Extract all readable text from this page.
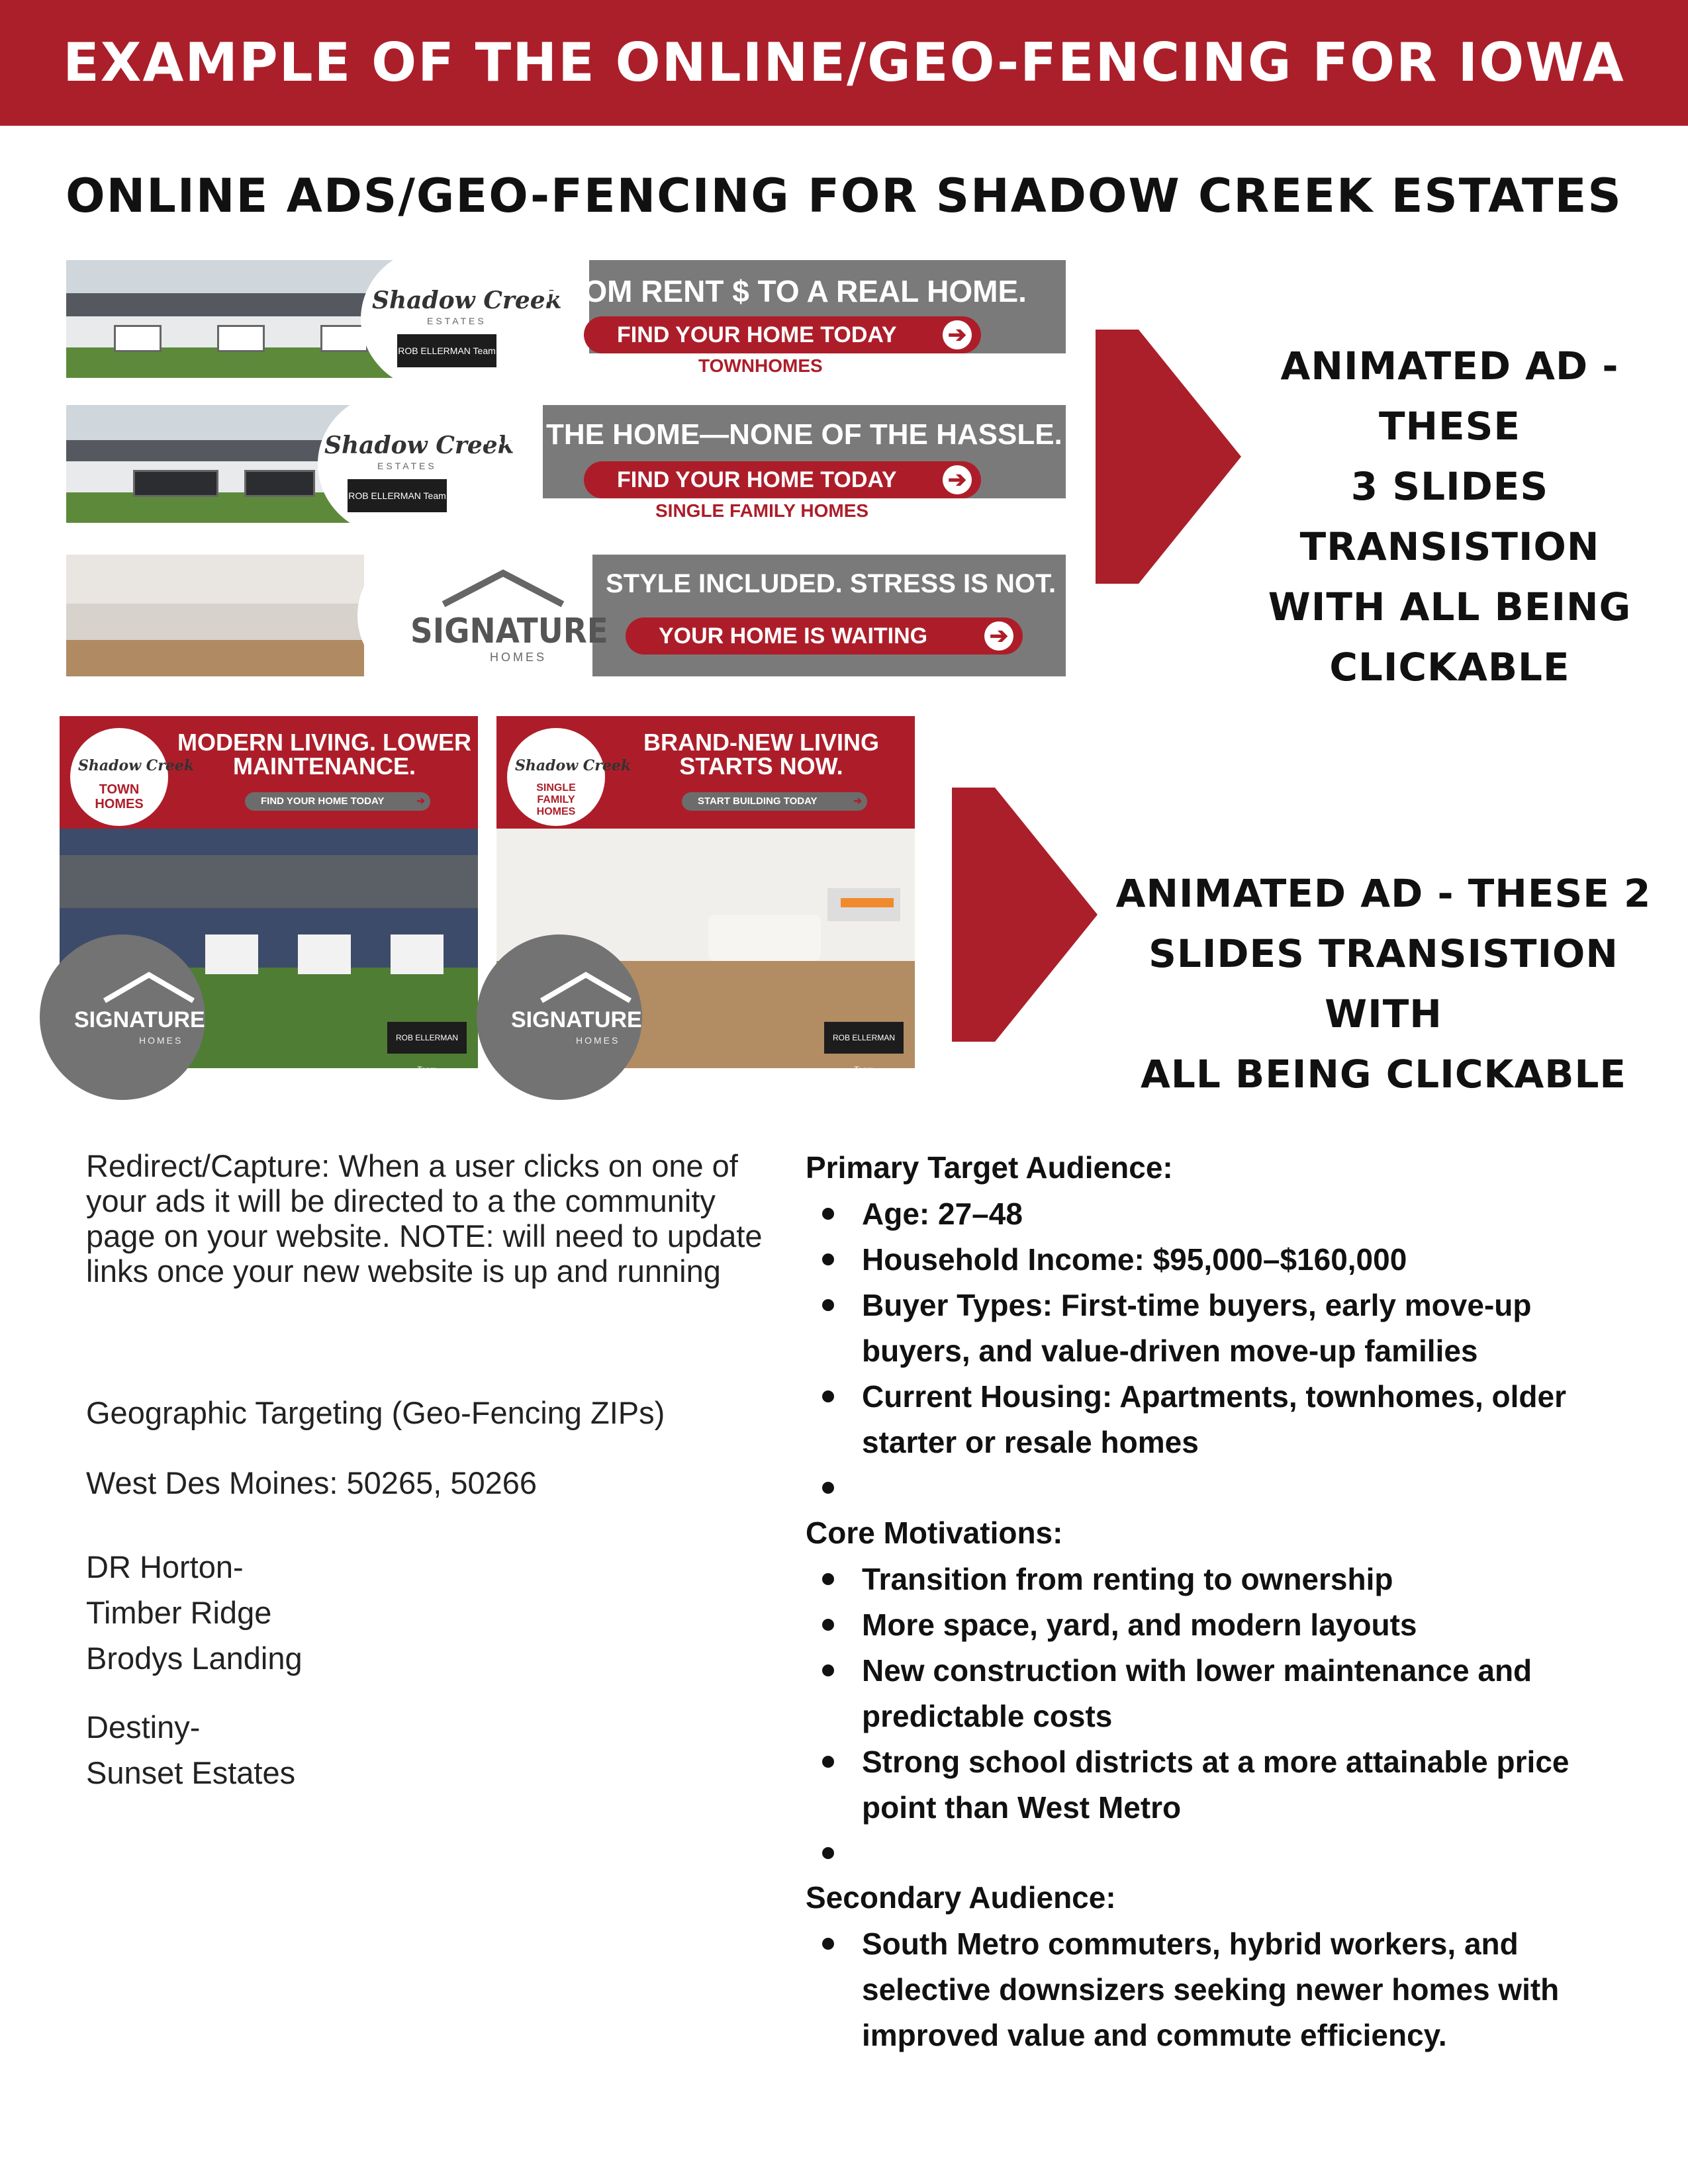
EXAMPLE OF THE ONLINE/GEO-FENCING FOR IOWA
ONLINE ADS/GEO-FENCING FOR SHADOW CREEK ESTATES
Shadow Creek
ESTATES
ROB ELLERMAN Team
FROM RENT $ TO A REAL HOME.
FIND YOUR HOME TODAY ➔
TOWNHOMES
Shadow Creek
ESTATES
ROB ELLERMAN Team
ALL THE HOME—NONE OF THE HASSLE.
FIND YOUR HOME TODAY ➔
SINGLE FAMILY HOMES
SIGNATURE
HOMES
STYLE INCLUDED. STRESS IS NOT.
YOUR HOME IS WAITING	➔
ANIMATED AD - THESE
3 SLIDES TRANSISTION
WITH ALL BEING
CLICKABLE
Shadow Creek
TOWN HOMES
MODERN LIVING. LOWER MAINTENANCE.
FIND YOUR HOME TODAY	➔
SIGNATURE
HOMES	ROB ELLERMAN Team
Shadow Creek
SINGLE FAMILY HOMES
BRAND-NEW LIVING STARTS NOW.
START BUILDING TODAY	➔
SIGNATURE
HOMES	ROB ELLERMAN Team
ANIMATED AD - THESE 2
SLIDES TRANSISTION WITH
ALL BEING CLICKABLE
Redirect/Capture: When a user clicks on one of your ads it will be directed to a the community page on your website. NOTE: will need to update links once your new website is up and running
Geographic Targeting (Geo-Fencing ZIPs)
West Des Moines: 50265, 50266
DR Horton-
Timber Ridge
Brodys Landing
Destiny-
Sunset Estates
Primary Target Audience:
Age: 27–48
Household Income: $95,000–$160,000
Buyer Types: First-time buyers, early move-up buyers, and value-driven move-up families
Current Housing: Apartments, townhomes, older starter or resale homes
Core Motivations:
Transition from renting to ownership
More space, yard, and modern layouts
New construction with lower maintenance and predictable costs
Strong school districts at a more attainable price point than West Metro
Secondary Audience:
South Metro commuters, hybrid workers, and selective downsizers seeking newer homes with improved value and commute efficiency.
